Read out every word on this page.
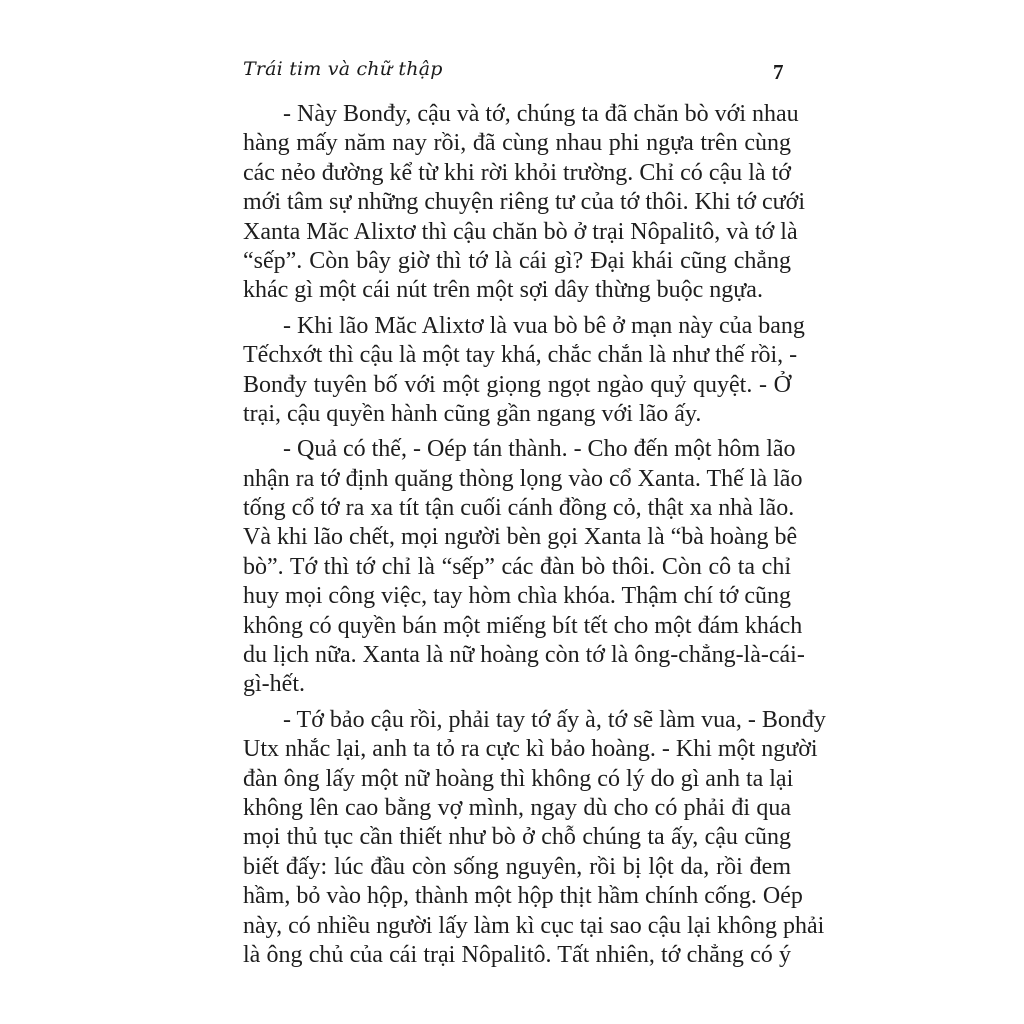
Trái tim và chữ thập	7
- Này Bonđy, cậu và tớ, chúng ta đã chăn bò với nhau
hàng mấy năm nay rồi, đã cùng nhau phi ngựa trên cùng
các nẻo đường kể từ khi rời khỏi trường. Chỉ có cậu là tớ
mới tâm sự những chuyện riêng tư của tớ thôi. Khi tớ cưới
Xanta Măc Alixtơ thì cậu chăn bò ở trại Nôpalitô, và tớ là
“sếp”. Còn bây giờ thì tớ là cái gì? Đại khái cũng chẳng
khác gì một cái nút trên một sợi dây thừng buộc ngựa.
- Khi lão Măc Alixtơ là vua bò bê ở mạn này của bang
Tếchxớt thì cậu là một tay khá, chắc chắn là như thế rồi, -
Bonđy tuyên bố với một giọng ngọt ngào quỷ quyệt. - Ở
trại, cậu quyền hành cũng gần ngang với lão ấy.
- Quả có thế, - Oép tán thành. - Cho đến một hôm lão
nhận ra tớ định quăng thòng lọng vào cổ Xanta. Thế là lão
tống cổ tớ ra xa tít tận cuối cánh đồng cỏ, thật xa nhà lão.
Và khi lão chết, mọi người bèn gọi Xanta là “bà hoàng bê
bò”. Tớ thì tớ chỉ là “sếp” các đàn bò thôi. Còn cô ta chỉ
huy mọi công việc, tay hòm chìa khóa. Thậm chí tớ cũng
không có quyền bán một miếng bít tết cho một đám khách
du lịch nữa. Xanta là nữ hoàng còn tớ là ông-chẳng-là-cái-
gì-hết.
- Tớ bảo cậu rồi, phải tay tớ ấy à, tớ sẽ làm vua, - Bonđy
Utx nhắc lại, anh ta tỏ ra cực kì bảo hoàng. - Khi một người
đàn ông lấy một nữ hoàng thì không có lý do gì anh ta lại
không lên cao bằng vợ mình, ngay dù cho có phải đi qua
mọi thủ tục cần thiết như bò ở chỗ chúng ta ấy, cậu cũng
biết đấy: lúc đầu còn sống nguyên, rồi bị lột da, rồi đem
hầm, bỏ vào hộp, thành một hộp thịt hầm chính cống. Oép
này, có nhiều người lấy làm kì cục tại sao cậu lại không phải
là ông chủ của cái trại Nôpalitô. Tất nhiên, tớ chẳng có ý
